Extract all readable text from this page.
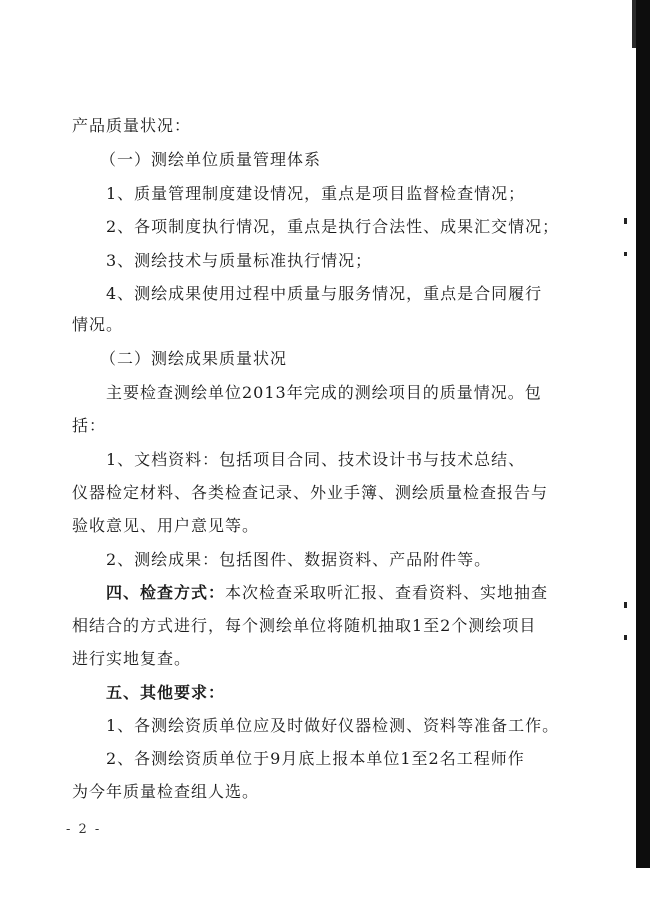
产品质量状况：
（一）测绘单位质量管理体系
1、质量管理制度建设情况，重点是项目监督检查情况；
2、各项制度执行情况，重点是执行合法性、成果汇交情况；
3、测绘技术与质量标准执行情况；
4、测绘成果使用过程中质量与服务情况，重点是合同履行
情况。
（二）测绘成果质量状况
主要检查测绘单位2013年完成的测绘项目的质量情况。包
括：
1、文档资料：包括项目合同、技术设计书与技术总结、
仪器检定材料、各类检查记录、外业手簿、测绘质量检查报告与
验收意见、用户意见等。
2、测绘成果：包括图件、数据资料、产品附件等。
四、检查方式：本次检查采取听汇报、查看资料、实地抽查
相结合的方式进行，每个测绘单位将随机抽取1至2个测绘项目
进行实地复查。
五、其他要求：
1、各测绘资质单位应及时做好仪器检测、资料等准备工作。
2、各测绘资质单位于9月底上报本单位1至2名工程师作
为今年质量检查组人选。
- 2 -
